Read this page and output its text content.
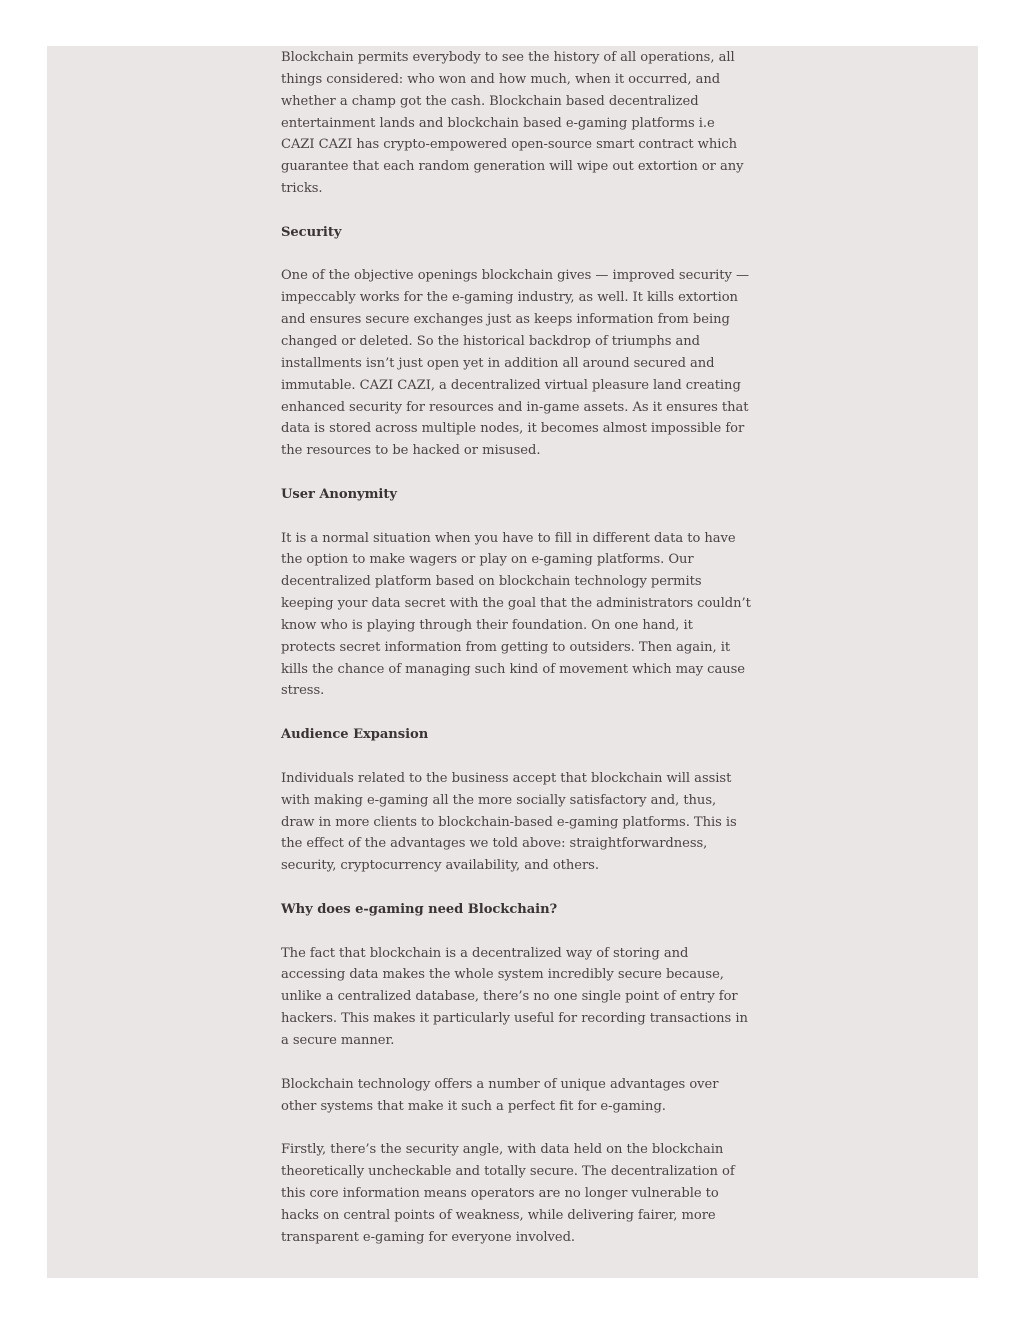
Blockchain permits everybody to see the history of all operations, all things considered: who won and how much, when it occurred, and whether a champ got the cash. Blockchain based decentralized entertainment lands and blockchain based e-gaming platforms i.e CAZI CAZI has crypto-empowered open-source smart contract which guarantee that each random generation will wipe out extortion or any tricks.

Security

One of the objective openings blockchain gives — improved security — impeccably works for the e-gaming industry, as well. It kills extortion and ensures secure exchanges just as keeps information from being changed or deleted. So the historical backdrop of triumphs and installments isn’t just open yet in addition all around secured and immutable. CAZI CAZI, a decentralized virtual pleasure land creating enhanced security for resources and in-game assets. As it ensures that data is stored across multiple nodes, it becomes almost impossible for the resources to be hacked or misused.

User Anonymity

It is a normal situation when you have to fill in different data to have the option to make wagers or play on e-gaming platforms. Our decentralized platform based on blockchain technology permits keeping your data secret with the goal that the administrators couldn’t know who is playing through their foundation. On one hand, it protects secret information from getting to outsiders. Then again, it kills the chance of managing such kind of movement which may cause stress.

Audience Expansion

Individuals related to the business accept that blockchain will assist with making e-gaming all the more socially satisfactory and, thus, draw in more clients to blockchain-based e-gaming platforms. This is the effect of the advantages we told above: straightforwardness, security, cryptocurrency availability, and others.

Why does e-gaming need Blockchain?

The fact that blockchain is a decentralized way of storing and accessing data makes the whole system incredibly secure because, unlike a centralized database, there’s no one single point of entry for hackers. This makes it particularly useful for recording transactions in a secure manner.

Blockchain technology offers a number of unique advantages over other systems that make it such a perfect fit for e-gaming.

Firstly, there’s the security angle, with data held on the blockchain theoretically uncheckable and totally secure. The decentralization of this core information means operators are no longer vulnerable to hacks on central points of weakness, while delivering fairer, more transparent e-gaming for everyone involved.
